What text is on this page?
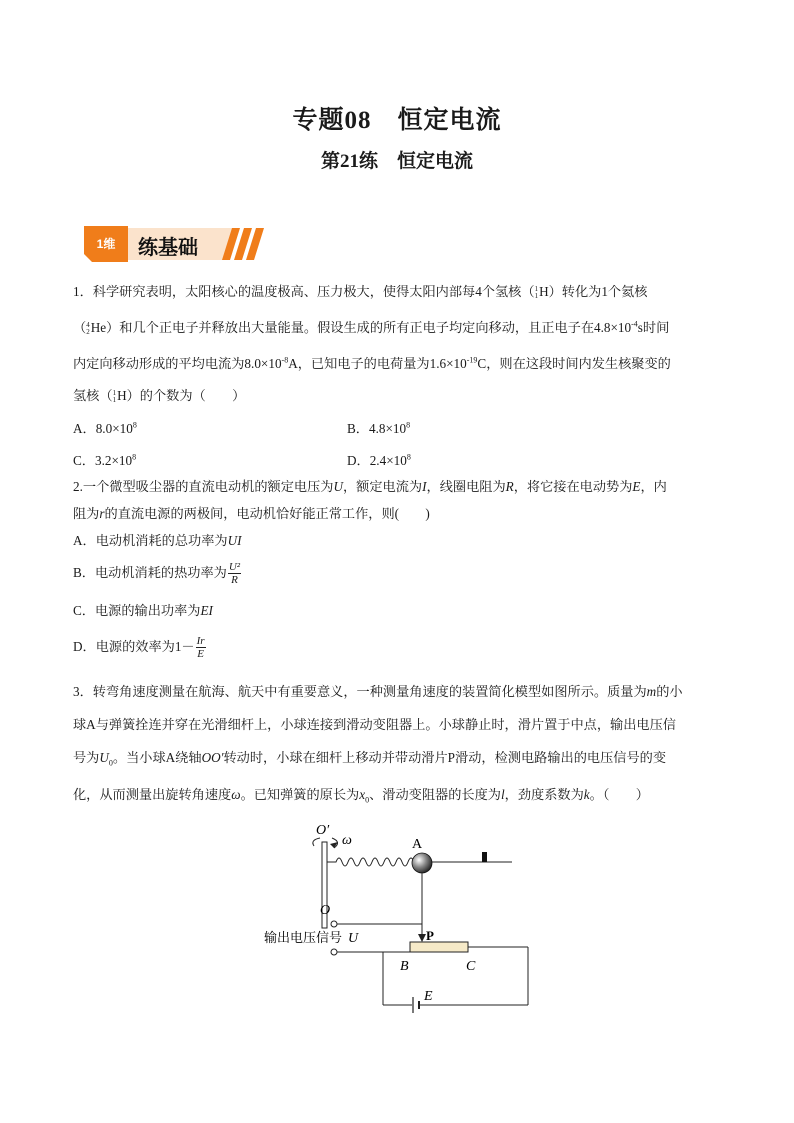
专题08　恒定电流
第21练　恒定电流
1维	练基础
1．科学研究表明，太阳核心的温度极高、压力极大，使得太阳内部每4个氢核（1
1H）转化为1个氦核
（4
2He）和几个正电子并释放出大量能量。假设生成的所有正电子均定向移动，且正电子在$4.8\times 10^{-4}s$时间
内定向移动形成的平均电流为$8.0\times 10^{-8}A$，已知电子的电荷量为$1.6\times 10^{-19}C$，则在这段时间内发生核聚变的
氢核（1
1H）的个数为（　　）
A．$8.0\times 10^8$	B．$4.8\times 10^8$
C．$3.2\times 10^8$	D．$2.4\times 10^8$
2.一个微型吸尘器的直流电动机的额定电压为U，额定电流为I，线圈电阻为R，将它接在电动势为E，内
阻为r的直流电源的两极间，电动机恰好能正常工作，则(　　)
A．电动机消耗的总功率为UI
B．电动机消耗的热功率为 $\frac{\text{U²}}{R}$
C．电源的输出功率为EI
D．电源的效率为$1- \frac{Ir}{E}$
3．转弯角速度测量在航海、航天中有重要意义，一种测量角速度的装置简化模型如图所示。质量为m的小
球A与弹簧拴连并穿在光滑细杆上，小球连接到滑动变阻器上。小球静止时，滑片置于中点，输出电压信
号为$U_0$。当小球A绕轴OO′转动时，小球在细杆上移动并带动滑片P滑动，检测电路输出的电压信号的变
化，从而测量出旋转角速度ω。已知弹簧的原长为$x_0$、滑动变阻器的长度为l，劲度系数为k。（　　）
O′
ω	A
O
P
输出电压信号 U
B	C
E
